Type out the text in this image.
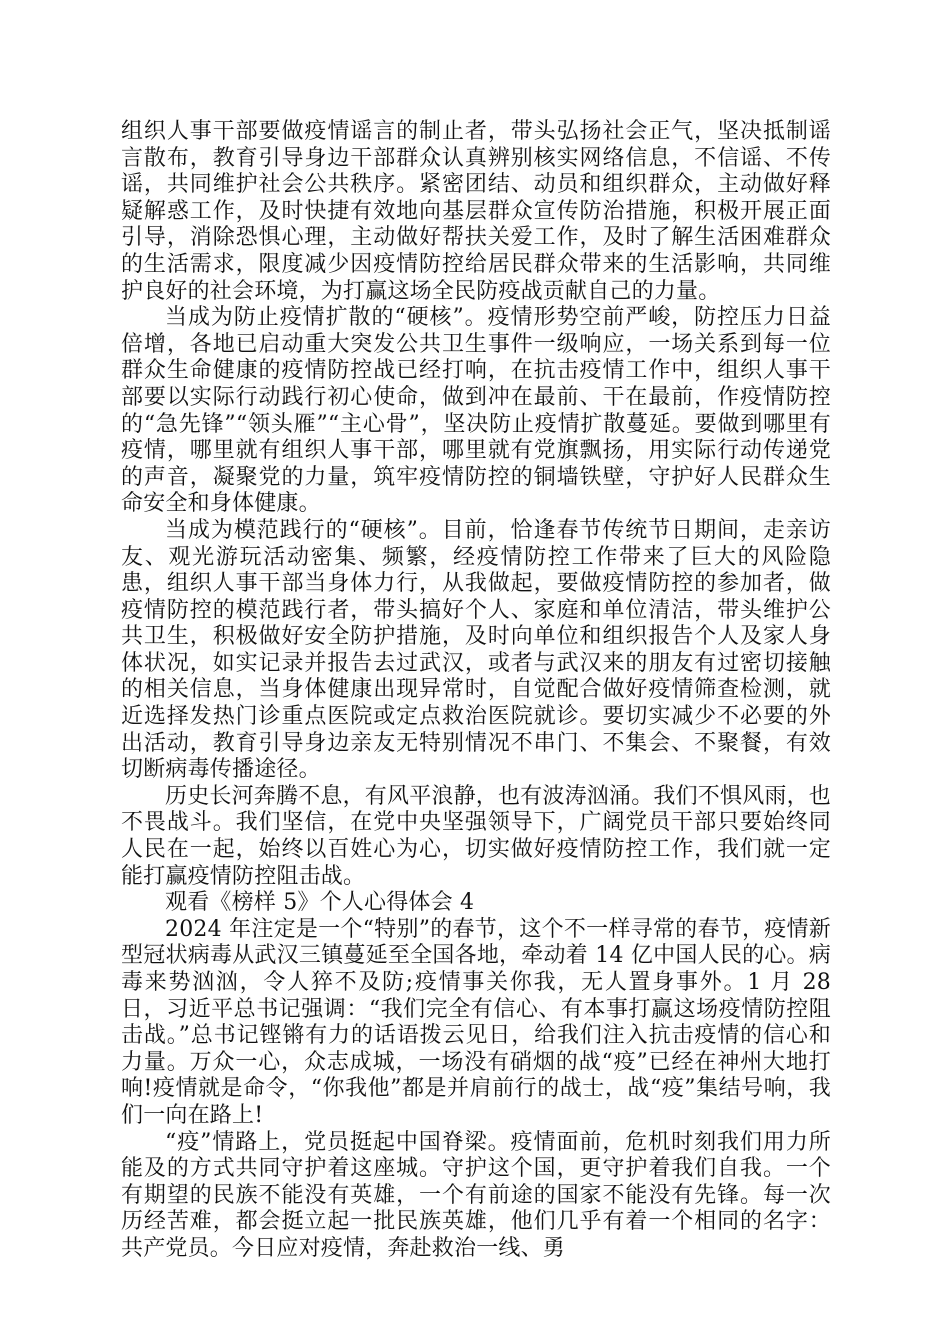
组织人事干部要做疫情谣言的制止者，带头弘扬社会正气，坚决抵制谣言散布，教育引导身边干部群众认真辨别核实网络信息，不信谣、不传谣，共同维护社会公共秩序。紧密团结、动员和组织群众，主动做好释疑解惑工作，及时快捷有效地向基层群众宣传防治措施，积极开展正面引导，消除恐惧心理，主动做好帮扶关爱工作，及时了解生活困难群众的生活需求，限度减少因疫情防控给居民群众带来的生活影响，共同维护良好的社会环境，为打赢这场全民防疫战贡献自己的力量。

当成为防止疫情扩散的“硬核”。疫情形势空前严峻，防控压力日益倍增，各地已启动重大突发公共卫生事件一级响应，一场关系到每一位群众生命健康的疫情防控战已经打响，在抗击疫情工作中，组织人事干部要以实际行动践行初心使命，做到冲在最前、干在最前，作疫情防控的“急先锋”“领头雁”“主心骨”，坚决防止疫情扩散蔓延。要做到哪里有疫情，哪里就有组织人事干部，哪里就有党旗飘扬，用实际行动传递党的声音，凝聚党的力量，筑牢疫情防控的铜墙铁壁，守护好人民群众生命安全和身体健康。

当成为模范践行的“硬核”。目前，恰逢春节传统节日期间，走亲访友、观光游玩活动密集、频繁，经疫情防控工作带来了巨大的风险隐患，组织人事干部当身体力行，从我做起，要做疫情防控的参加者，做疫情防控的模范践行者，带头搞好个人、家庭和单位清洁，带头维护公共卫生，积极做好安全防护措施，及时向单位和组织报告个人及家人身体状况，如实记录并报告去过武汉，或者与武汉来的朋友有过密切接触的相关信息，当身体健康出现异常时，自觉配合做好疫情筛查检测，就近选择发热门诊重点医院或定点救治医院就诊。要切实减少不必要的外出活动，教育引导身边亲友无特别情况不串门、不集会、不聚餐，有效切断病毒传播途径。

历史长河奔腾不息，有风平浪静，也有波涛汹涌。我们不惧风雨，也不畏战斗。我们坚信，在党中央坚强领导下，广阔党员干部只要始终同人民在一起，始终以百姓心为心，切实做好疫情防控工作，我们就一定能打赢疫情防控阻击战。

观看《榜样 5》个人心得体会 4

2024 年注定是一个“特别”的春节，这个不一样寻常的春节，疫情新型冠状病毒从武汉三镇蔓延至全国各地，牵动着 14 亿中国人民的心。病毒来势汹汹，令人猝不及防;疫情事关你我，无人置身事外。1 月 28 日，习近平总书记强调：“我们完全有信心、有本事打赢这场疫情防控阻击战。”总书记铿锵有力的话语拨云见日，给我们注入抗击疫情的信心和力量。万众一心，众志成城，一场没有硝烟的战“疫”已经在神州大地打响!疫情就是命令，“你我他”都是并肩前行的战士，战“疫”集结号响，我们一向在路上!

“疫”情路上，党员挺起中国脊梁。疫情面前，危机时刻我们用力所能及的方式共同守护着这座城。守护这个国，更守护着我们自我。一个有期望的民族不能没有英雄，一个有前途的国家不能没有先锋。每一次历经苦难，都会挺立起一批民族英雄，他们几乎有着一个相同的名字：共产党员。今日应对疫情，奔赴救治一线、勇
